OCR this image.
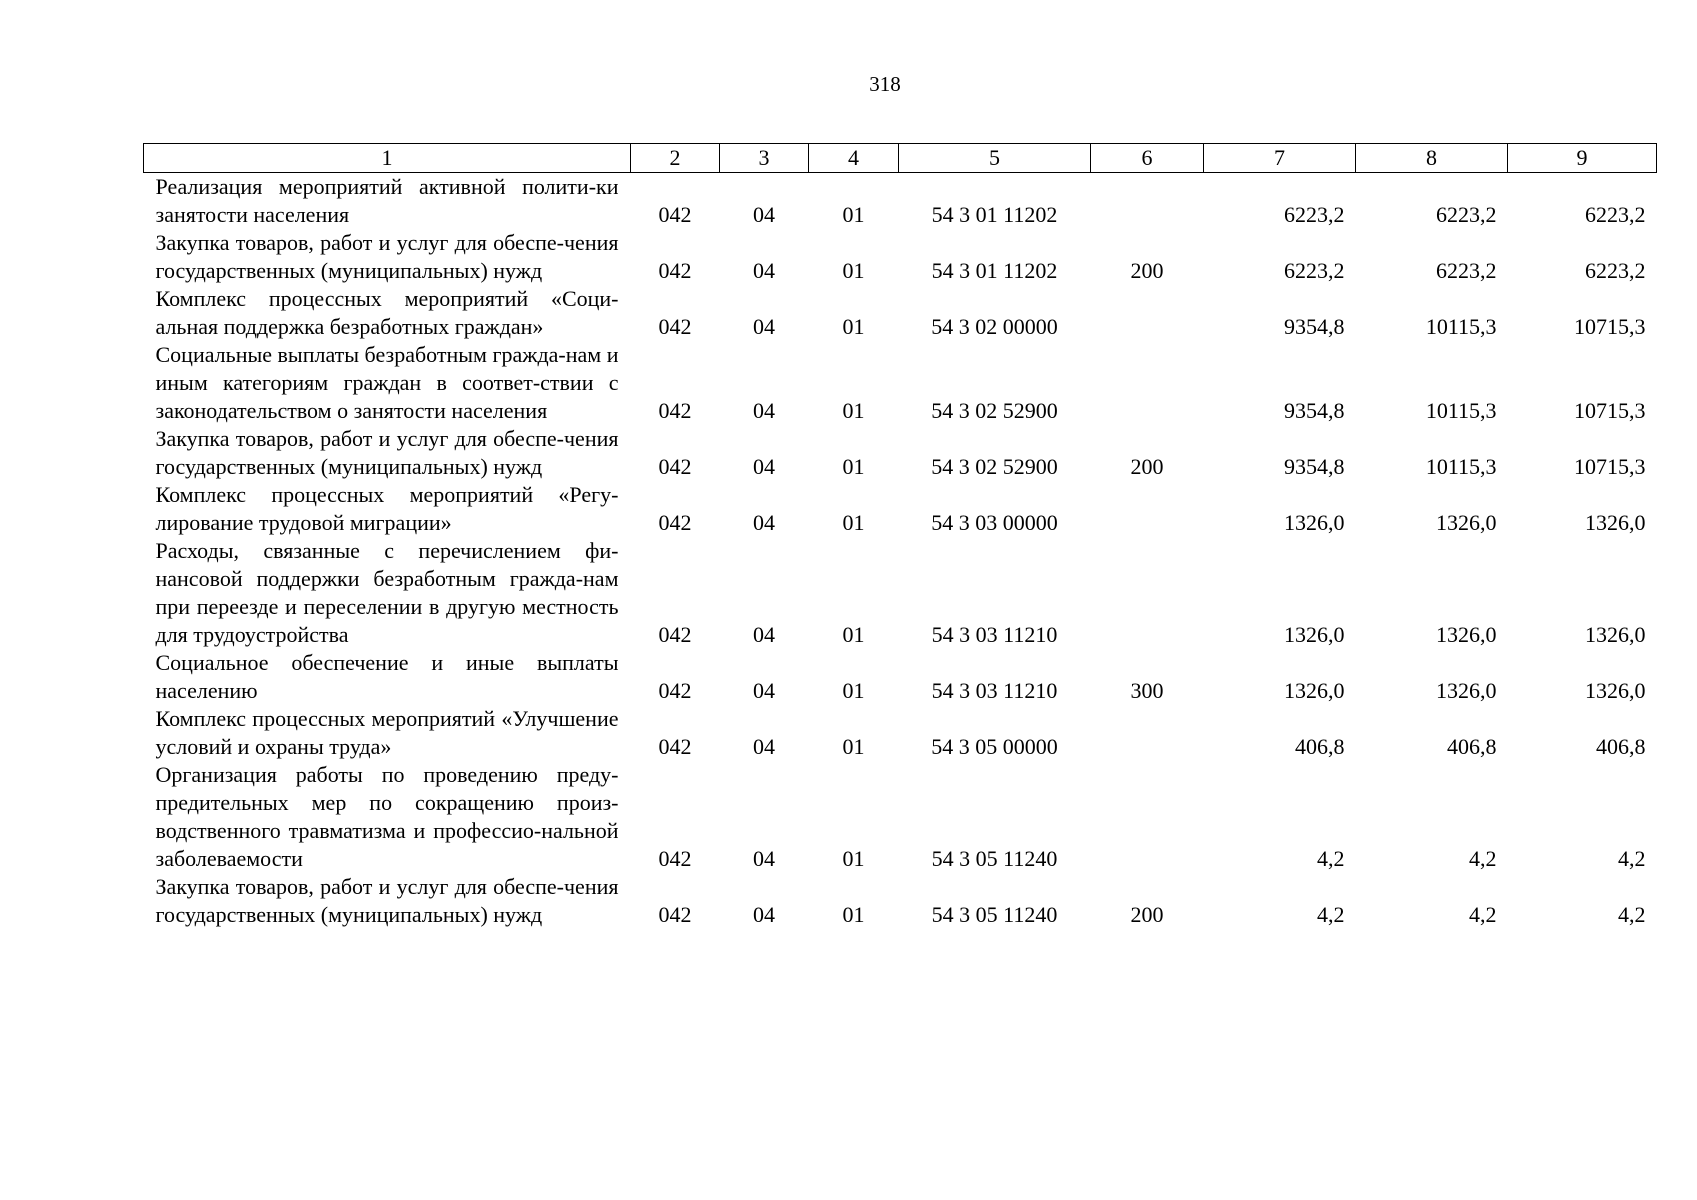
318
1	2	3	4	5	6	7	8	9
Реализация мероприятий активной полити-ки занятости населения	042	04	01	54 3 01 11202		6223,2	6223,2	6223,2
Закупка товаров, работ и услуг для обеспе-чения государственных (муниципальных) нужд	042	04	01	54 3 01 11202	200	6223,2	6223,2	6223,2
Комплекс процессных мероприятий «Соци-альная поддержка безработных граждан»	042	04	01	54 3 02 00000		9354,8	10115,3	10715,3
Социальные выплаты безработным гражда-нам и иным категориям граждан в соответ-ствии с законодательством о занятости населения	042	04	01	54 3 02 52900		9354,8	10115,3	10715,3
Закупка товаров, работ и услуг для обеспе-чения государственных (муниципальных) нужд	042	04	01	54 3 02 52900	200	9354,8	10115,3	10715,3
Комплекс процессных мероприятий «Регу-лирование трудовой миграции»	042	04	01	54 3 03 00000		1326,0	1326,0	1326,0
Расходы, связанные с перечислением фи-нансовой поддержки безработным гражда-нам при переезде и переселении в другую местность для трудоустройства	042	04	01	54 3 03 11210		1326,0	1326,0	1326,0
Социальное обеспечение и иные выплаты населению	042	04	01	54 3 03 11210	300	1326,0	1326,0	1326,0
Комплекс процессных мероприятий «Улучшение условий и охраны труда»	042	04	01	54 3 05 00000		406,8	406,8	406,8
Организация работы по проведению преду-предительных мер по сокращению произ-водственного травматизма и профессио-нальной заболеваемости	042	04	01	54 3 05 11240		4,2	4,2	4,2
Закупка товаров, работ и услуг для обеспе-чения государственных (муниципальных) нужд	042	04	01	54 3 05 11240	200	4,2	4,2	4,2
